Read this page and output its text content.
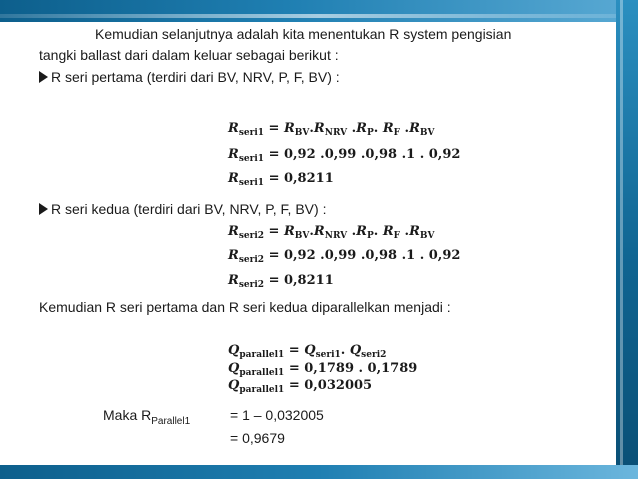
Kemudian selanjutnya adalah kita menentukan R system pengisian
tangki ballast dari dalam keluar sebagai berikut :
R seri pertama (terdiri dari BV, NRV, P, F, BV) :
$R_{seri1} = R_{BV}.R_{NRV}$ $.R_P$. $R_F$ $.R_{BV}$
$R_{seri1} = 0,92$ .0,99 .0,98 .1 . 0,92
$R_{seri1} = 0,8211$
R seri kedua (terdiri dari BV, NRV, P, F, BV) :
$R_{seri2} = R_{BV}.R_{NRV}$ $.R_P$. $R_F$ $.R_{BV}$
$R_{seri2} = 0,92$ .0,99 .0,98 .1 . 0,92
$R_{seri2} = 0,8211$
Kemudian R seri pertama dan R seri kedua diparallelkan menjadi :
$Q_{parallel1} = Q_{seri1}$. $Q_{seri2}$
$Q_{parallel1} = 0,1789$ . 0,1789
$Q_{parallel1} = 0,032005$
Maka $R_{Parallel1}$	= 1 – 0,032005
= 0,9679
